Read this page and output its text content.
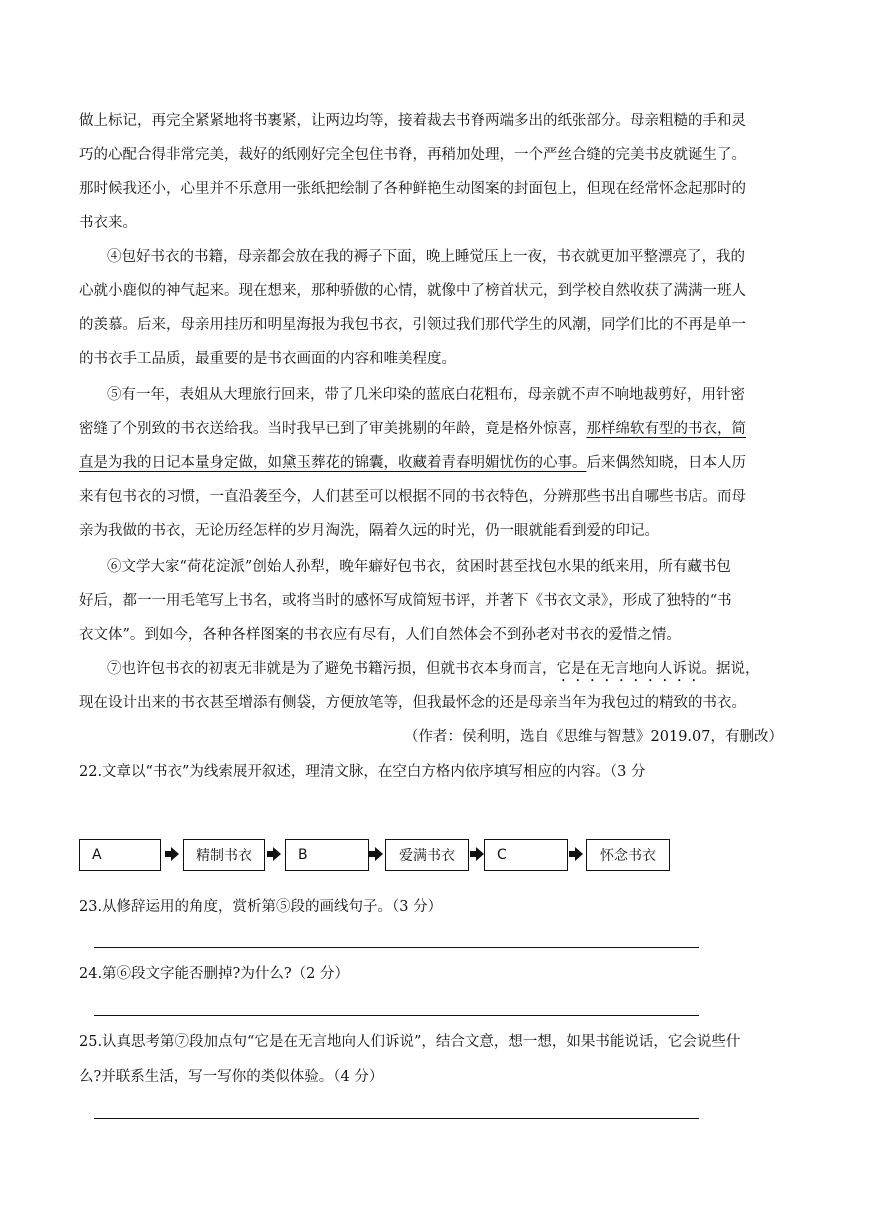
做上标记，再完全紧紧地将书裹紧，让两边均等，接着裁去书脊两端多出的纸张部分。母亲粗糙的手和灵
巧的心配合得非常完美，裁好的纸刚好完全包住书脊，再稍加处理，一个严丝合缝的完美书皮就诞生了。
那时候我还小，心里并不乐意用一张纸把绘制了各种鲜艳生动图案的封面包上，但现在经常怀念起那时的
书衣来。
④包好书衣的书籍，母亲都会放在我的褥子下面，晚上睡觉压上一夜，书衣就更加平整漂亮了，我的
心就小鹿似的神气起来。现在想来，那种骄傲的心情，就像中了榜首状元，到学校自然收获了满满一班人
的羡慕。后来，母亲用挂历和明星海报为我包书衣，引领过我们那代学生的风潮，同学们比的不再是单一
的书衣手工品质，最重要的是书衣画面的内容和唯美程度。
⑤有一年，表姐从大理旅行回来，带了几米印染的蓝底白花粗布，母亲就不声不响地裁剪好，用针密
密缝了个别致的书衣送给我。当时我早已到了审美挑剔的年龄，竟是格外惊喜，那样绵软有型的书衣，简
直是为我的日记本量身定做，如黛玉葬花的锦囊，收藏着青春明媚忧伤的心事。后来偶然知晓，日本人历
来有包书衣的习惯，一直沿袭至今，人们甚至可以根据不同的书衣特色，分辨那些书出自哪些书店。而母
亲为我做的书衣，无论历经怎样的岁月淘洗，隔着久远的时光，仍一眼就能看到爱的印记。
⑥文学大家“荷花淀派”创始人孙犁，晚年癖好包书衣，贫困时甚至找包水果的纸来用，所有藏书包
好后，都一一用毛笔写上书名，或将当时的感怀写成简短书评，并著下《书衣文录》，形成了独特的“书
衣文体”。到如今，各种各样图案的书衣应有尽有，人们自然体会不到孙老对书衣的爱惜之情。
⑦也许包书衣的初衷无非就是为了避免书籍污损，但就书衣本身而言，它是在无言地向人诉说。据说，
现在设计出来的书衣甚至增添有侧袋，方便放笔等，但我最怀念的还是母亲当年为我包过的精致的书衣。
（作者：侯利明，选自《思维与智慧》2019.07，有删改）
22.文章以“书衣”为线索展开叙述，理清文脉，在空白方格内依序填写相应的内容。（3 分
A	精制书衣	B	爱满书衣	C	怀念书衣
23.从修辞运用的角度，赏析第⑤段的画线句子。（3 分）
24.第⑥段文字能否删掉?为什么?（2 分）
25.认真思考第⑦段加点句“它是在无言地向人们诉说”，结合文意，想一想，如果书能说话，它会说些什
么?并联系生活，写一写你的类似体验。（4 分）
